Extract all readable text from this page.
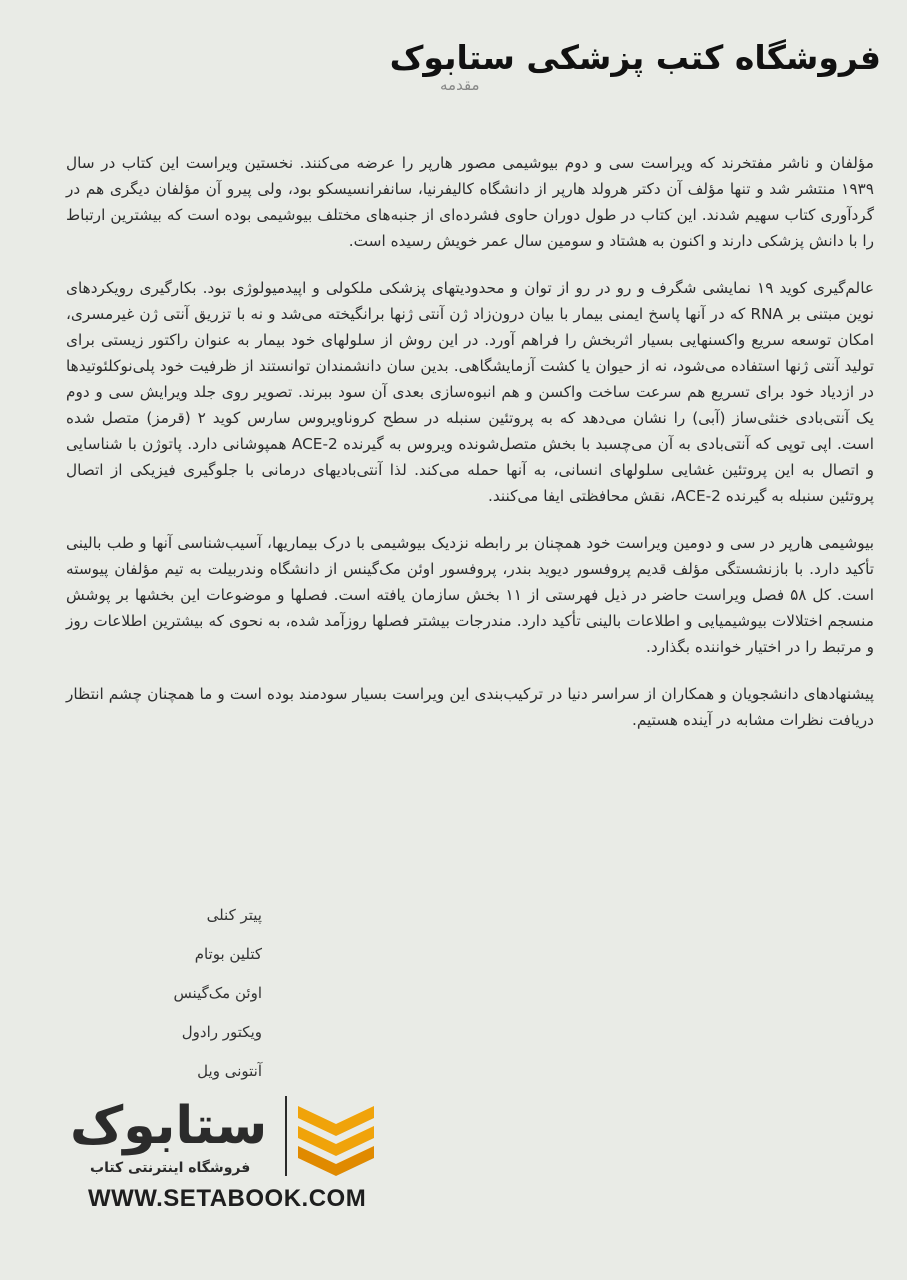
فروشگاه کتب پزشکی ستابوک
مقدمه

مؤلفان و ناشر مفتخرند که ویراست سی و دوم بیوشیمی مصور هارپر را عرضه می‌کنند. نخستین ویراست این کتاب در سال ۱۹۳۹ منتشر شد و تنها مؤلف آن دکتر هرولد هارپر از دانشگاه کالیفرنیا، سانفرانسیسکو بود، ولی پیرو آن مؤلفان دیگری هم در گردآوری کتاب سهیم شدند. این کتاب در طول دوران حاوی فشرده‌ای از جنبه‌های مختلف بیوشیمی بوده است که بیشترین ارتباط را با دانش پزشکی دارند و اکنون به هشتاد و سومین سال عمر خویش رسیده است.

عالم‌گیری کوید ۱۹ نمایشی شگرف و رو در رو از توان و محدودیتهای پزشکی ملکولی و اپیدمیولوژی بود. بکارگیری رویکردهای نوین مبتنی بر RNA که در آنها پاسخ ایمنی بیمار با بیان درون‌زاد ژن آنتی ژنها برانگیخته می‌شد و نه با تزریق آنتی ژن غیرمسری، امکان توسعه سریع واکسنهایی بسیار اثربخش را فراهم آورد. در این روش از سلولهای خود بیمار به عنوان راکتور زیستی برای تولید آنتی ژنها استفاده می‌شود، نه از حیوان یا کشت آزمایشگاهی. بدین سان دانشمندان توانستند از ظرفیت خود پلی‌نوکلئوتیدها در ازدیاد خود برای تسریع هم سرعت ساخت واکسن و هم انبوه‌سازی بعدی آن سود ببرند. تصویر روی جلد ویرایش سی و دوم یک آنتی‌بادی خنثی‌ساز (آبی) را نشان می‌دهد که به پروتئین سنبله در سطح کروناویروس سارس کوید ۲ (قرمز) متصل شده است. اپی توپی که آنتی‌بادی به آن می‌چسبد با بخش متصل‌شونده ویروس به گیرنده ACE-2 همپوشانی دارد. پاتوژن با شناسایی و اتصال به این پروتئین غشایی سلولهای انسانی، به آنها حمله می‌کند. لذا آنتی‌بادیهای درمانی با جلوگیری فیزیکی از اتصال پروتئین سنبله به گیرنده ACE-2، نقش محافظتی ایفا می‌کنند.

بیوشیمی هارپر در سی و دومین ویراست خود همچنان بر رابطه نزدیک بیوشیمی با درک بیماریها، آسیب‌شناسی آنها و طب بالینی تأکید دارد. با بازنشستگی مؤلف قدیم پروفسور دیوید بندر، پروفسور اوئن مک‌گینس از دانشگاه وندربیلت به تیم مؤلفان پیوسته است. کل ۵۸ فصل ویراست حاضر در ذیل فهرستی از ۱۱ بخش سازمان یافته است. فصلها و موضوعات این بخشها بر پوشش منسجم اختلالات بیوشیمیایی و اطلاعات بالینی تأکید دارد. مندرجات بیشتر فصلها روزآمد شده، به نحوی که بیشترین اطلاعات روز و مرتبط را در اختیار خواننده بگذارد.

پیشنهادهای دانشجویان و همکاران از سراسر دنیا در ترکیب‌بندی این ویراست بسیار سودمند بوده است و ما همچنان چشم انتظار دریافت نظرات مشابه در آینده هستیم.

پیتر کنلی
کتلین بوتام
اوئن مک‌گینس
ویکتور رادول
آنتونی ویل
ستابوک
فروشگاه اینترنتی کتاب
WWW.SETABOOK.COM
